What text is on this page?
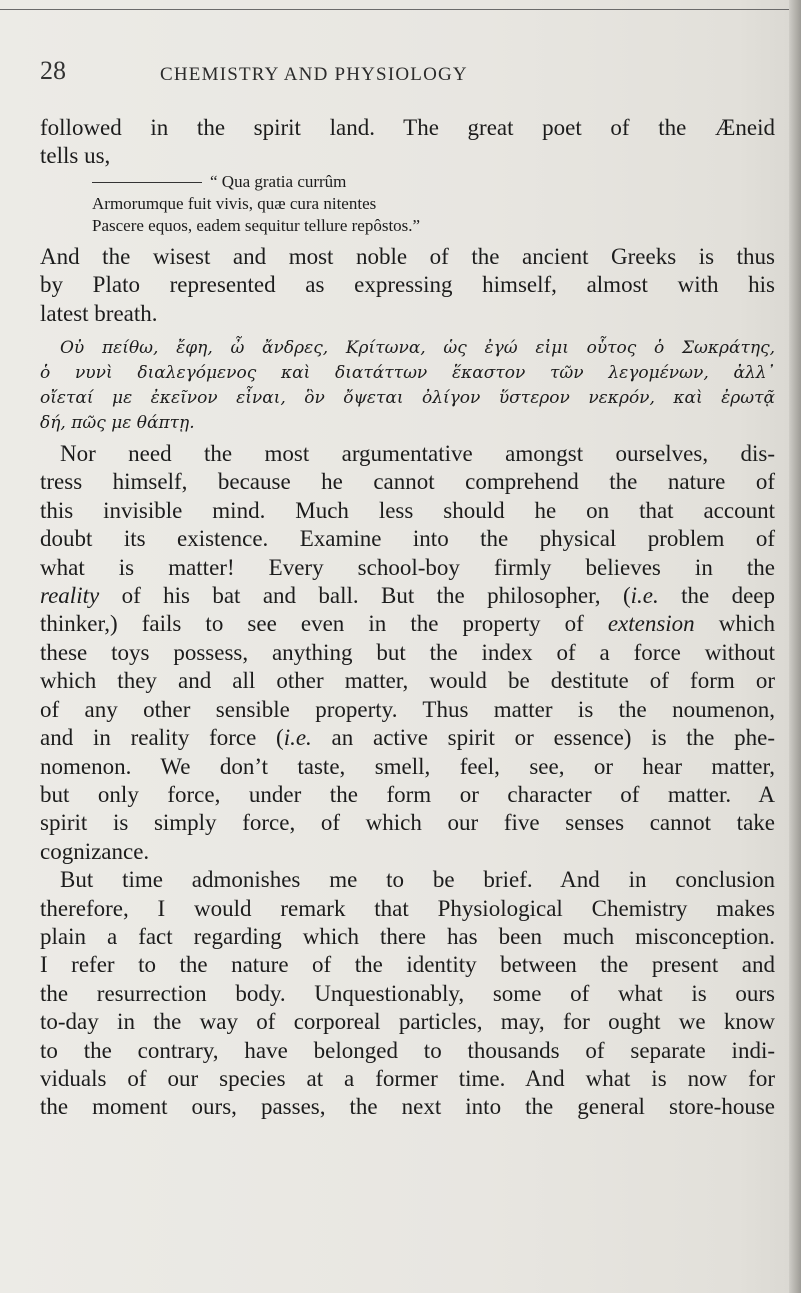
28	CHEMISTRY AND PHYSIOLOGY
followed in the spirit land. The great poet of the Æneid
tells us,
“ Qua gratia currûm
Armorumque fuit vivis, quæ cura nitentes
Pascere equos, eadem sequitur tellure repôstos.”
And the wisest and most noble of the ancient Greeks is thus
by Plato represented as expressing himself, almost with his
latest breath.
Οὐ πείθω, ἔφη, ὦ ἄνδρες, Κρίτωνα, ὡς ἐγώ εἰμι οὗτος ὁ Σωκράτης,
ὁ νυνὶ διαλεγόμενος καὶ διατάττων ἕκαστον τῶν λεγομένων, ἀλλ᾽
οἴεταί με ἐκεῖνον εἶναι, ὃν ὄψεται ὀλίγον ὕστερον νεκρόν, καὶ ἐρωτᾷ
δή, πῶς με θάπτῃ.
Nor need the most argumentative amongst ourselves, dis-
tress himself, because he cannot comprehend the nature of
this invisible mind. Much less should he on that account
doubt its existence. Examine into the physical problem of
what is matter! Every school-boy firmly believes in the
reality of his bat and ball. But the philosopher, (i.e. the deep
thinker,) fails to see even in the property of extension which
these toys possess, anything but the index of a force without
which they and all other matter, would be destitute of form or
of any other sensible property. Thus matter is the noumenon,
and in reality force (i.e. an active spirit or essence) is the phe-
nomenon. We don’t taste, smell, feel, see, or hear matter,
but only force, under the form or character of matter. A
spirit is simply force, of which our five senses cannot take
cognizance.
But time admonishes me to be brief. And in conclusion
therefore, I would remark that Physiological Chemistry makes
plain a fact regarding which there has been much misconception.
I refer to the nature of the identity between the present and
the resurrection body. Unquestionably, some of what is ours
to-day in the way of corporeal particles, may, for ought we know
to the contrary, have belonged to thousands of separate indi-
viduals of our species at a former time. And what is now for
the moment ours, passes, the next into the general store-house
